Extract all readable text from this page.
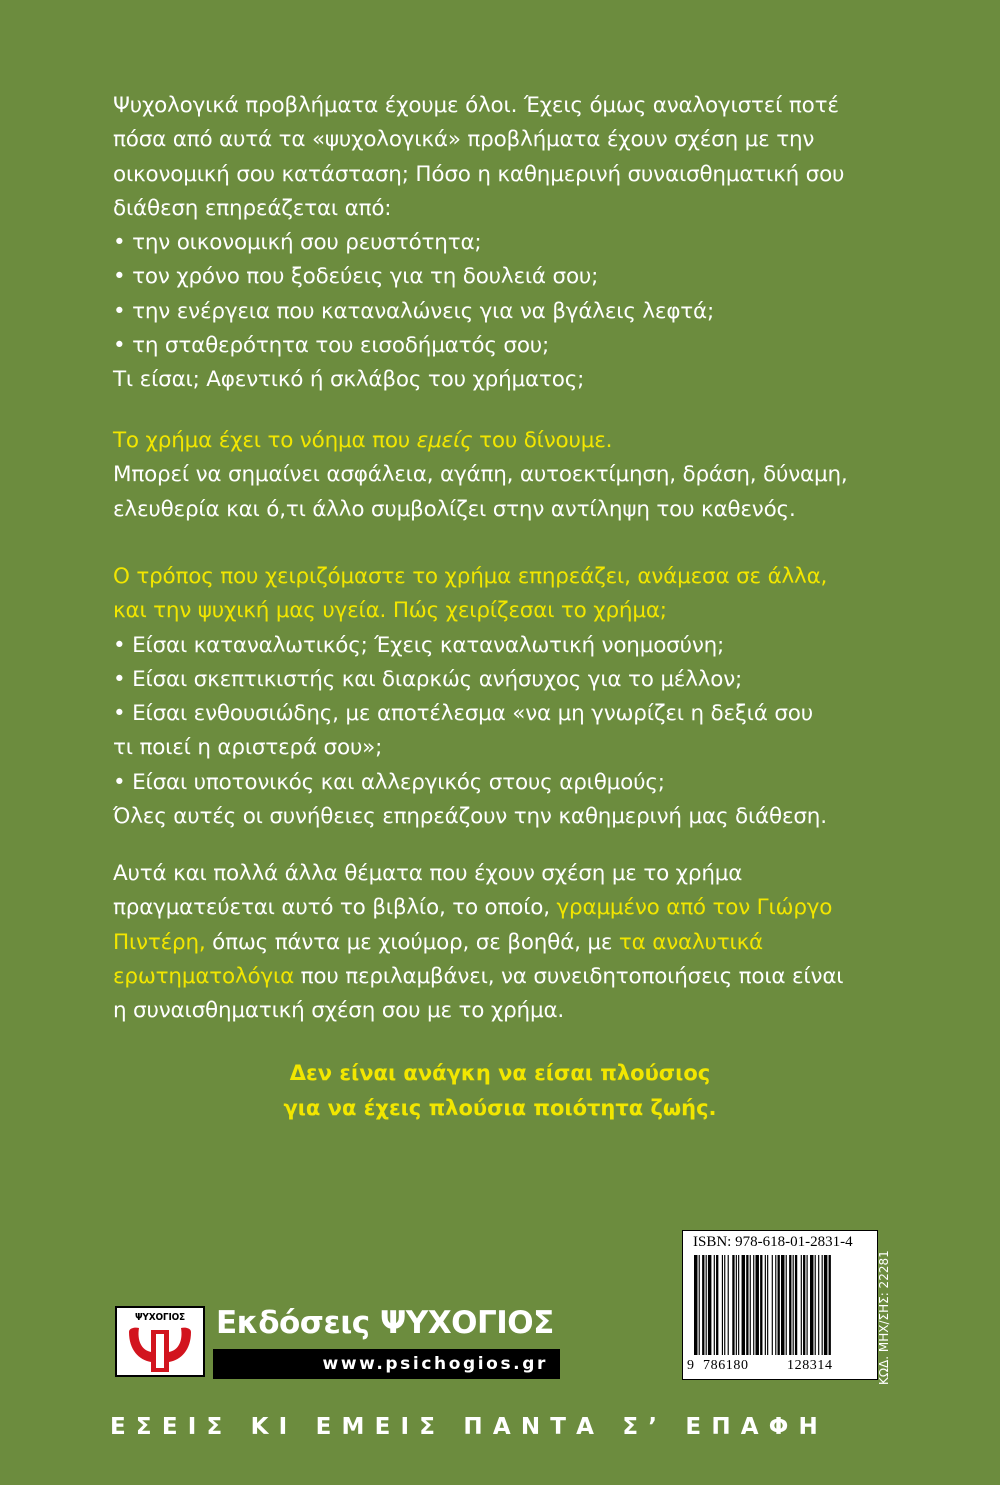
Ψυχολογικά προβλήματα έχουμε όλοι. Έχεις όμως αναλογιστεί ποτέ
πόσα από αυτά τα «ψυχολογικά» προβλήματα έχουν σχέση με την
οικονομική σου κατάσταση; Πόσο η καθημερινή συναισθηματική σου
διάθεση επηρεάζεται από:
• την οικονομική σου ρευστότητα;
• τον χρόνο που ξοδεύεις για τη δουλειά σου;
• την ενέργεια που καταναλώνεις για να βγάλεις λεφτά;
• τη σταθερότητα του εισοδήματός σου;
Τι είσαι; Αφεντικό ή σκλάβος του χρήματος;
Το χρήμα έχει το νόημα που εμείς του δίνουμε.
Μπορεί να σημαίνει ασφάλεια, αγάπη, αυτοεκτίμηση, δράση, δύναμη,
ελευθερία και ό,τι άλλο συμβολίζει στην αντίληψη του καθενός.
Ο τρόπος που χειριζόμαστε το χρήμα επηρεάζει, ανάμεσα σε άλλα,
και την ψυχική μας υγεία. Πώς χειρίζεσαι το χρήμα;
• Είσαι καταναλωτικός; Έχεις καταναλωτική νοημοσύνη;
• Είσαι σκεπτικιστής και διαρκώς ανήσυχος για το μέλλον;
• Είσαι ενθουσιώδης, με αποτέλεσμα «να μη γνωρίζει η δεξιά σου
τι ποιεί η αριστερά σου»;
• Είσαι υποτονικός και αλλεργικός στους αριθμούς;
Όλες αυτές οι συνήθειες επηρεάζουν την καθημερινή μας διάθεση.
Αυτά και πολλά άλλα θέματα που έχουν σχέση με το χρήμα
πραγματεύεται αυτό το βιβλίο, το οποίο, γραμμένο από τον Γιώργο
Πιντέρη, όπως πάντα με χιούμορ, σε βοηθά, με τα αναλυτικά
ερωτηματολόγια που περιλαμβάνει, να συνειδητοποιήσεις ποια είναι
η συναισθηματική σχέση σου με το χρήμα.
Δεν είναι ανάγκη να είσαι πλούσιος
για να έχεις πλούσια ποιότητα ζωής.
ΨΥΧΟΓΙΟΣ Εκδόσεις ΨΥΧΟΓΙΟΣ
www.psichogios.gr
ISBN: 978-618-01-2831-4
9 786180	128314	ΚΩΔ. ΜΗΧ/ΣΗΣ: 22281
ΕΣΕΙΣ ΚΙ ΕΜΕΙΣ ΠΑΝΤΑ Σ’ ΕΠΑΦΗ
